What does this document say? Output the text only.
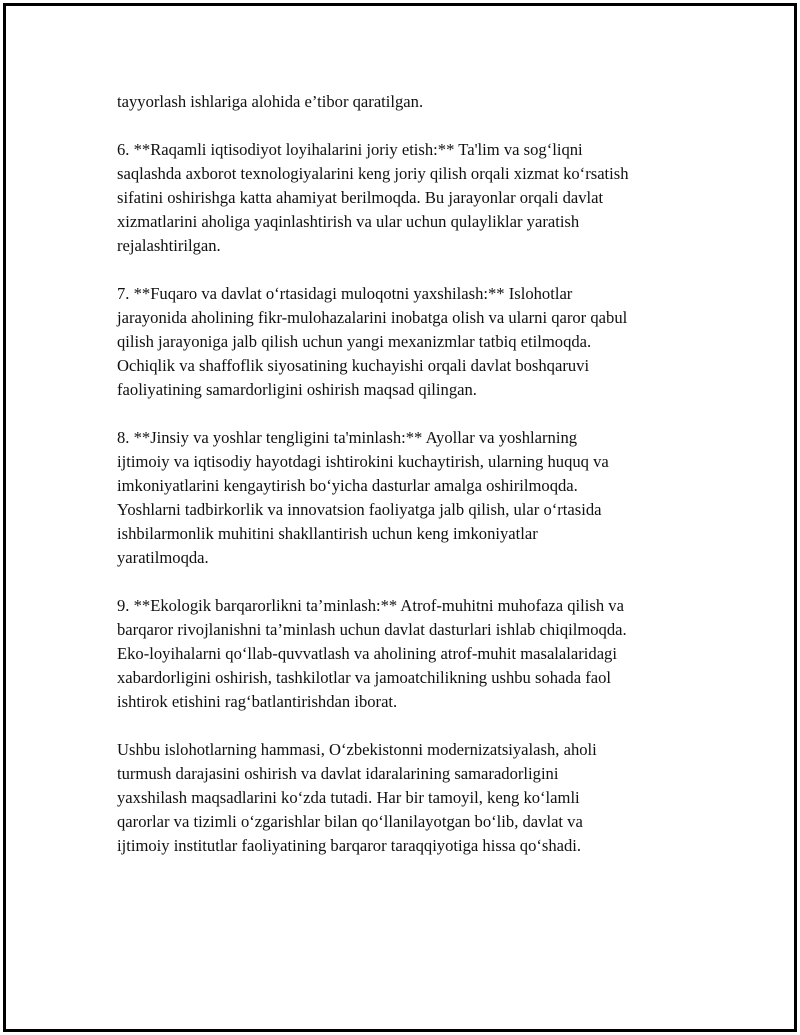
tayyorlash ishlariga alohida e’tibor qaratilgan.

6. **Raqamli iqtisodiyot loyihalarini joriy etish:** Ta'lim va sog‘liqni
saqlashda axborot texnologiyalarini keng joriy qilish orqali xizmat ko‘rsatish
sifatini oshirishga katta ahamiyat berilmoqda. Bu jarayonlar orqali davlat
xizmatlarini aholiga yaqinlashtirish va ular uchun qulayliklar yaratish
rejalashtirilgan.

7. **Fuqaro va davlat o‘rtasidagi muloqotni yaxshilash:** Islohotlar
jarayonida aholining fikr-mulohazalarini inobatga olish va ularni qaror qabul
qilish jarayoniga jalb qilish uchun yangi mexanizmlar tatbiq etilmoqda.
Ochiqlik va shaffoflik siyosatining kuchayishi orqali davlat boshqaruvi
faoliyatining samardorligini oshirish maqsad qilingan.

8. **Jinsiy va yoshlar tengligini ta'minlash:** Ayollar va yoshlarning
ijtimoiy va iqtisodiy hayotdagi ishtirokini kuchaytirish, ularning huquq va
imkoniyatlarini kengaytirish bo‘yicha dasturlar amalga oshirilmoqda.
Yoshlarni tadbirkorlik va innovatsion faoliyatga jalb qilish, ular o‘rtasida
ishbilarmonlik muhitini shakllantirish uchun keng imkoniyatlar
yaratilmoqda.

9. **Ekologik barqarorlikni ta’minlash:** Atrof-muhitni muhofaza qilish va
barqaror rivojlanishni ta’minlash uchun davlat dasturlari ishlab chiqilmoqda.
Eko-loyihalarni qo‘llab-quvvatlash va aholining atrof-muhit masalalaridagi
xabardorligini oshirish, tashkilotlar va jamoatchilikning ushbu sohada faol
ishtirok etishini rag‘batlantirishdan iborat.

Ushbu islohotlarning hammasi, O‘zbekistonni modernizatsiyalash, aholi
turmush darajasini oshirish va davlat idaralarining samaradorligini
yaxshilash maqsadlarini ko‘zda tutadi. Har bir tamoyil, keng ko‘lamli
qarorlar va tizimli o‘zgarishlar bilan qo‘llanilayotgan bo‘lib, davlat va
ijtimoiy institutlar faoliyatining barqaror taraqqiyotiga hissa qo‘shadi.
